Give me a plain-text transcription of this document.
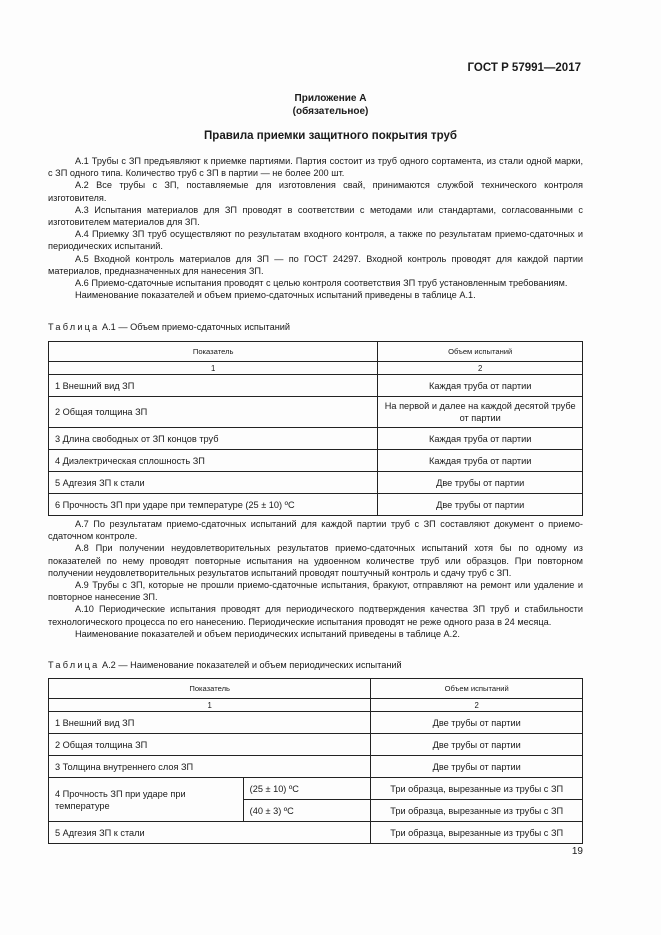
ГОСТ Р 57991—2017
Приложение А
(обязательное)
Правила приемки защитного покрытия труб

А.1 Трубы с ЗП предъявляют к приемке партиями. Партия состоит из труб одного сортамента, из стали одной марки, с ЗП одного типа. Количество труб с ЗП в партии — не более 200 шт.

А.2 Все трубы с ЗП, поставляемые для изготовления свай, принимаются службой технического контроля изготовителя.

А.3 Испытания материалов для ЗП проводят в соответствии с методами или стандартами, согласованными с изготовителем материалов для ЗП.

А.4 Приемку ЗП труб осуществляют по результатам входного контроля, а также по результатам приемо-сдаточных и периодических испытаний.

А.5 Входной контроль материалов для ЗП — по ГОСТ 24297. Входной контроль проводят для каждой партии материалов, предназначенных для нанесения ЗП.

А.6 Приемо-сдаточные испытания проводят с целью контроля соответствия ЗП труб установленным требованиям.

Наименование показателей и объем приемо-сдаточных испытаний приведены в таблице А.1.

Таблица А.1 — Объем приемо-сдаточных испытаний
Показатель	Объем испытаний
1	2
1 Внешний вид ЗП	Каждая труба от партии
2 Общая толщина ЗП	На первой и далее на каждой десятой трубе от партии
3 Длина свободных от ЗП концов труб	Каждая труба от партии
4 Диэлектрическая сплошность ЗП	Каждая труба от партии
5 Адгезия ЗП к стали	Две трубы от партии
6 Прочность ЗП при ударе при температуре (25 ± 10) ºС	Две трубы от партии

А.7 По результатам приемо-сдаточных испытаний для каждой партии труб с ЗП составляют документ о приемо-сдаточном контроле.

А.8 При получении неудовлетворительных результатов приемо-сдаточных испытаний хотя бы по одному из показателей по нему проводят повторные испытания на удвоенном количестве труб или образцов. При повторном получении неудовлетворительных результатов испытаний проводят поштучный контроль и сдачу труб с ЗП.

А.9 Трубы с ЗП, которые не прошли приемо-сдаточные испытания, бракуют, отправляют на ремонт или удаление и повторное нанесение ЗП.

А.10 Периодические испытания проводят для периодического подтверждения качества ЗП труб и стабильности технологического процесса по его нанесению. Периодические испытания проводят не реже одного раза в 24 месяца.

Наименование показателей и объем периодических испытаний приведены в таблице А.2.

Таблица А.2 — Наименование показателей и объем периодических испытаний
Показатель		Объем испытаний
1		2
1 Внешний вид ЗП		Две трубы от партии
2 Общая толщина ЗП		Две трубы от партии
3 Толщина внутреннего слоя ЗП		Две трубы от партии
4 Прочность ЗП при ударе при температуре	(25 ± 10) ºС	Три образца, вырезанные из трубы с ЗП
	(40 ± 3) ºС	Три образца, вырезанные из трубы с ЗП
5 Адгезия ЗП к стали		Три образца, вырезанные из трубы с ЗП
19
